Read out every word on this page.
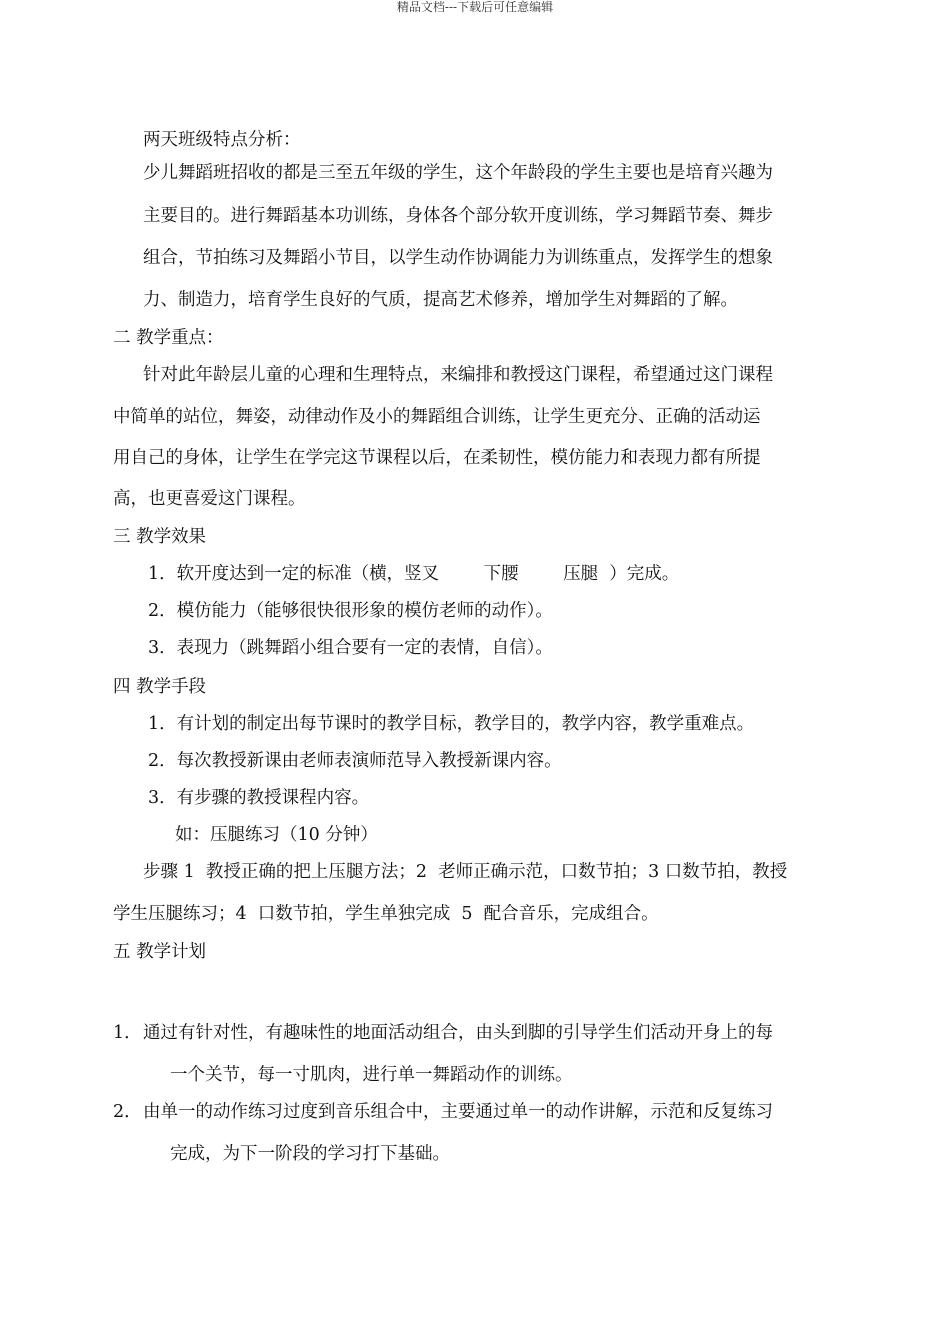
精品文档---下载后可任意编辑
两天班级特点分析：
少儿舞蹈班招收的都是三至五年级的学生，这个年龄段的学生主要也是培育兴趣为
主要目的。进行舞蹈基本功训练，身体各个部分软开度训练，学习舞蹈节奏、舞步
组合，节拍练习及舞蹈小节目，以学生动作协调能力为训练重点，发挥学生的想象
力、制造力，培育学生良好的气质，提高艺术修养，增加学生对舞蹈的了解。
二 教学重点：
针对此年龄层儿童的心理和生理特点，来编排和教授这门课程，希望通过这门课程
中简单的站位，舞姿，动律动作及小的舞蹈组合训练，让学生更充分、正确的活动运
用自己的身体，让学生在学完这节课程以后，在柔韧性，模仿能力和表现力都有所提
高，也更喜爱这门课程。
三 教学效果
1．软开度达到一定的标准（横，竖叉        下腰        压腿  ）完成。
2．模仿能力（能够很快很形象的模仿老师的动作）。
3．表现力（跳舞蹈小组合要有一定的表情，自信）。
四 教学手段
1．有计划的制定出每节课时的教学目标，教学目的，教学内容，教学重难点。
2．每次教授新课由老师表演师范导入教授新课内容。
3．有步骤的教授课程内容。
如：压腿练习（10 分钟）
步骤 1  教授正确的把上压腿方法；2  老师正确示范，口数节拍；3 口数节拍，教授
学生压腿练习；4  口数节拍，学生单独完成  5  配合音乐，完成组合。
五 教学计划
1． 通过有针对性，有趣味性的地面活动组合，由头到脚的引导学生们活动开身上的每
一个关节，每一寸肌肉，进行单一舞蹈动作的训练。
2． 由单一的动作练习过度到音乐组合中，主要通过单一的动作讲解，示范和反复练习
完成，为下一阶段的学习打下基础。
